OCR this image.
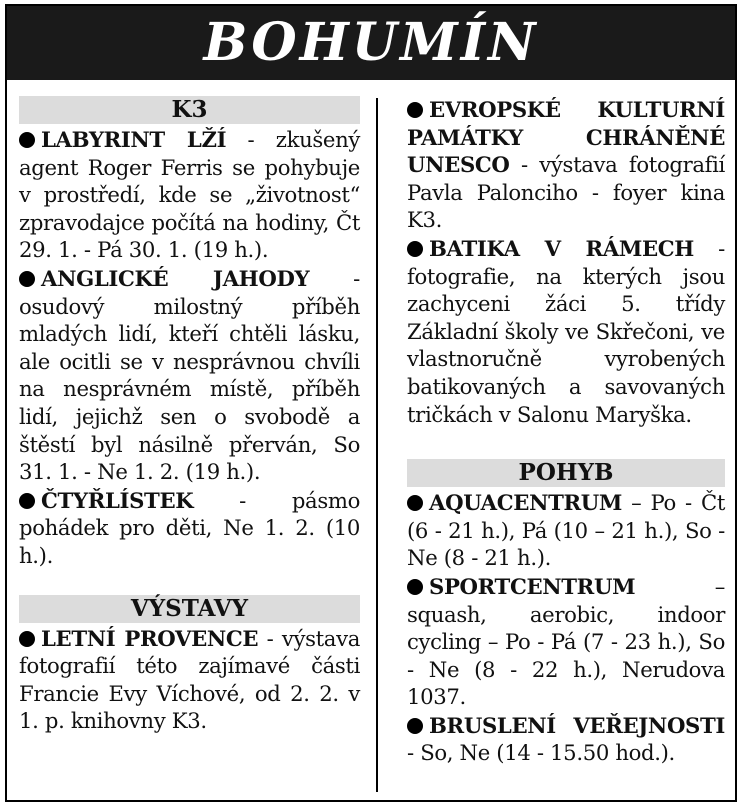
BOHUMÍN
K3
LABYRINT LŽÍ - zkušený agent Roger Ferris se pohybuje v prostředí, kde se „životnost“ zpravodajce počítá na hodiny, Čt 29. 1. - Pá 30. 1. (19 h.).
ANGLICKÉ JAHODY - osudový milostný příběh mladých lidí, kteří chtěli lásku, ale ocitli se v nesprávnou chvíli na nesprávném místě, příběh lidí, jejichž sen o svobodě a štěstí byl násilně přerván, So 31. 1. - Ne 1. 2. (19 h.).
ČTYŘLÍSTEK - pásmo pohádek pro děti, Ne 1. 2. (10 h.).
VÝSTAVY
LETNÍ PROVENCE - výstava fotografií této zajímavé části Francie Evy Víchové, od 2. 2. v 1. p. knihovny K3.
EVROPSKÉ KULTURNÍ PAMÁTKY CHRÁNĚNÉ UNESCO - výstava fotografií Pavla Palonciho - foyer kina K3.
BATIKA V RÁMECH - fotografie, na kterých jsou zachyceni žáci 5. třídy Základní školy ve Skřečoni, ve vlastnoručně vyrobených batikovaných a savovaných tričkách v Salonu Maryška.
POHYB
AQUACENTRUM – Po - Čt (6 - 21 h.), Pá (10 – 21 h.), So - Ne (8 - 21 h.).
SPORTCENTRUM – squash, aerobic, indoor cycling – Po - Pá (7 - 23 h.), So - Ne (8 - 22 h.), Nerudova 1037.
BRUSLENÍ VEŘEJNOSTI - So, Ne (14 - 15.50 hod.).
